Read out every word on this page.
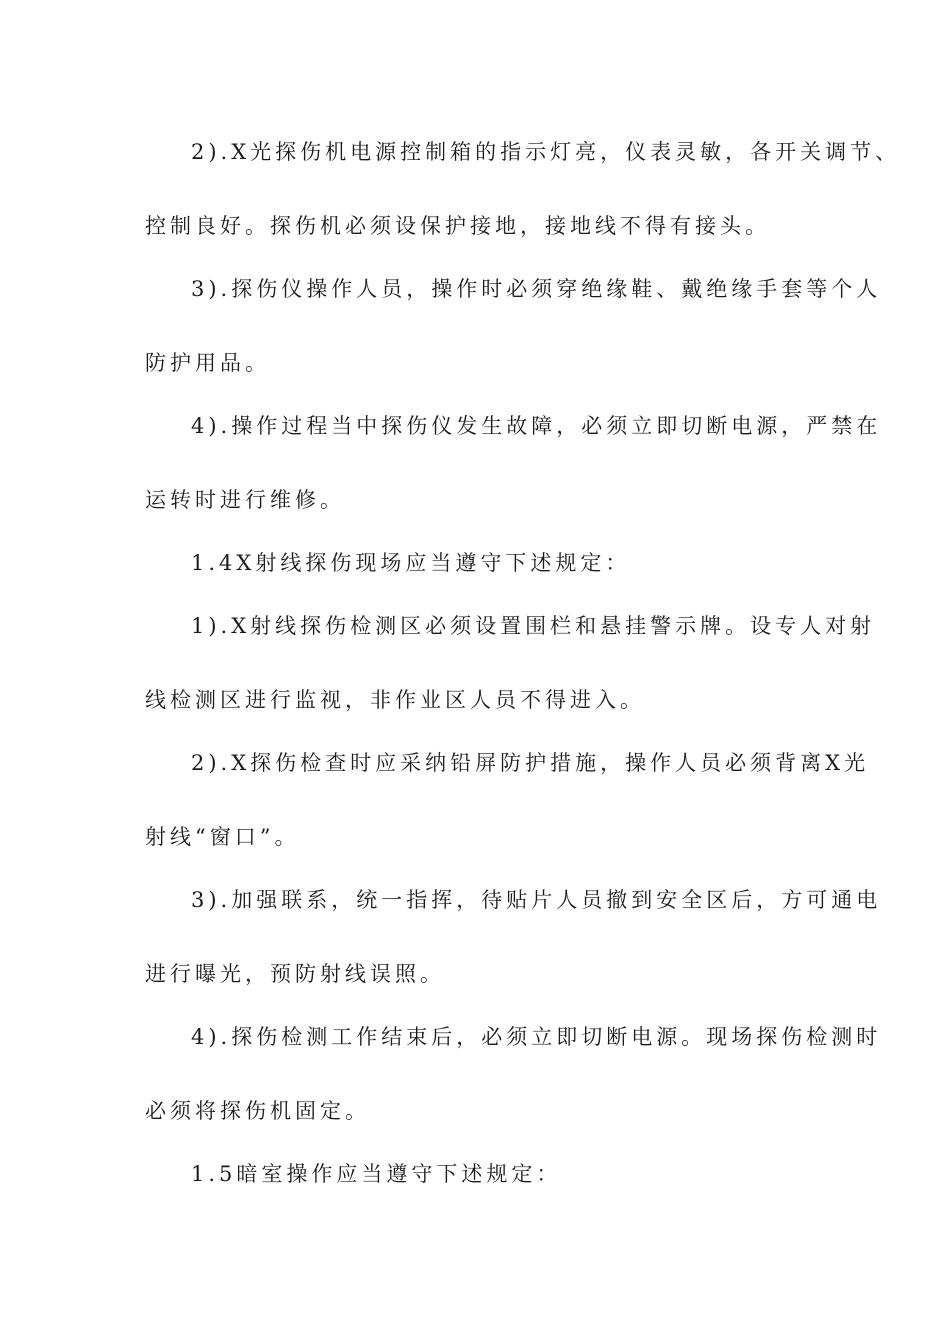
2).X光探伤机电源控制箱的指示灯亮，仪表灵敏，各开关调节、
控制良好。探伤机必须设保护接地，接地线不得有接头。
3).探伤仪操作人员，操作时必须穿绝缘鞋、戴绝缘手套等个人
防护用品。
4).操作过程当中探伤仪发生故障，必须立即切断电源，严禁在
运转时进行维修。
1.4X射线探伤现场应当遵守下述规定：
1).X射线探伤检测区必须设置围栏和悬挂警示牌。设专人对射
线检测区进行监视，非作业区人员不得进入。
2).X探伤检查时应采纳铅屏防护措施，操作人员必须背离X光
射线“窗口”。
3).加强联系，统一指挥，待贴片人员撤到安全区后，方可通电
进行曝光，预防射线误照。
4).探伤检测工作结束后，必须立即切断电源。现场探伤检测时
必须将探伤机固定。
1.5暗室操作应当遵守下述规定：
